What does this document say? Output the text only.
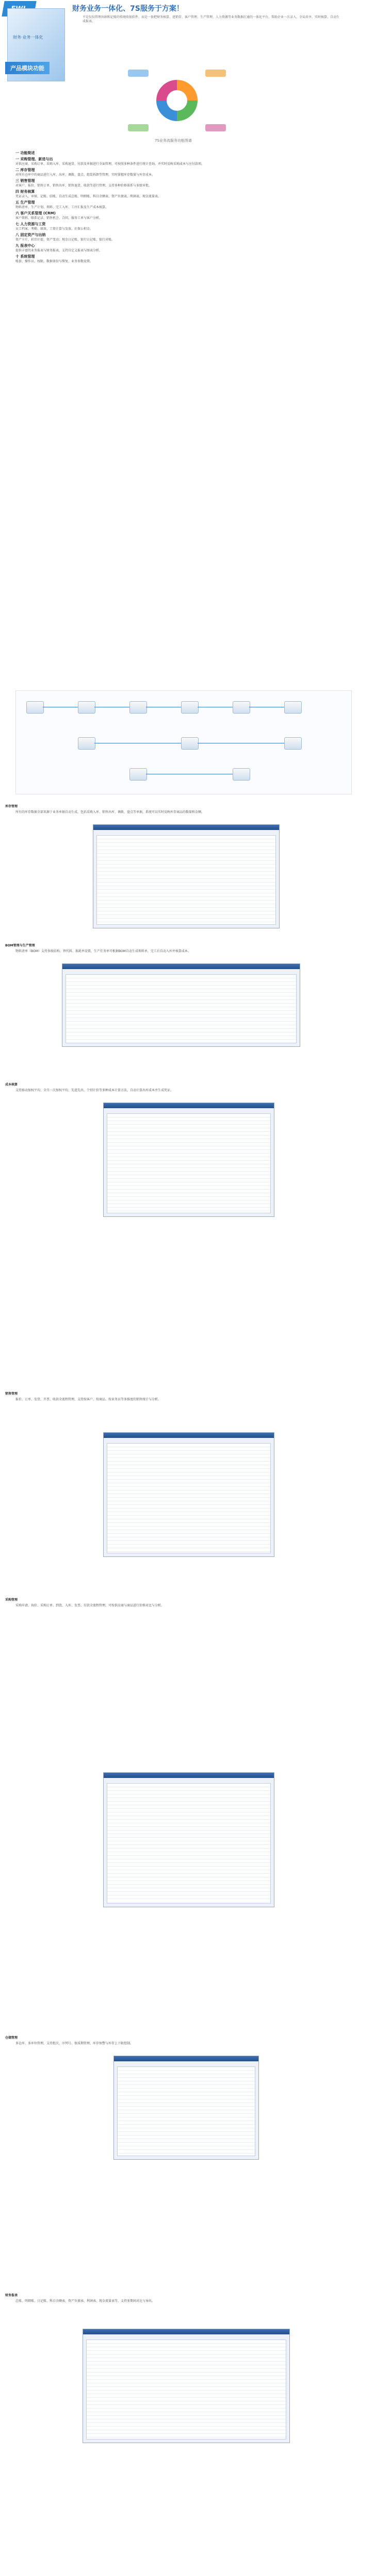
财务·业务一体化
财务业务一体化、7S服务于方案！
不是仅仅管理出纳和记账的传统收银软件，而是一套把财务核算、进销存、客户管理、生产管理、人力资源等业务数据打通的一体化平台，帮助企业一次录入、全局共享、实时核算、自动生成报表。
产品模块功能
7S业务流服务功能图谱
一 功能简述
一 采购管理、新进与出

对供应商、采购订单、采购入库、采购退货、付款及单据进行全面管理，可按照多种条件进行统计查询，并实时反映采购成本与应付款项。

二 库存管理

对所有仓库中的商品进行入库、出库、调拨、盘点、组装拆卸等管理，实时掌握库存数量与库存成本。

三 销售管理

对客户、报价、销售订单、销售出库、销售退货、收款等进行管理，支持多种价格体系与多级审批。

四 财务核算

凭证录入、审核、记账、结账，自动生成总账、明细账、科目余额表、资产负债表、利润表、现金流量表。

五 生产管理

物料清单、生产计划、领料、完工入库、工序汇报及生产成本核算。

六 客户关系管理 (CRM)

客户资料、联系记录、销售机会、合同、服务工单与客户分析。

七 人力资源与工资

员工档案、考勤、绩效、工资计算与发放、社保公积金。

八 固定资产与出纳

资产卡片、折旧计提、资产变动；现金日记账、银行日记账、银行对账。

九 报表中心

提供丰富的业务报表与财务报表，支持自定义报表与图表分析。

十 系统管理

账套、操作员、权限、数据备份与恢复、业务参数设置。

库存管理
所有的库存数据全部来源于业务单据自动生成，包括采购入库、销售出库、调拨、盘点等单据，系统可以实时反映库存商品的数量和金额。
BOM管理与生产管理
物料清单（BOM）支持多级结构、替代料、损耗率设置，生产任务单可根据BOM自动生成领料单，完工后自动入库并核算成本。
成本核算
支持移动加权平均、全月一次加权平均、先进先出、个别计价等多种成本计算方法，自动计算出库成本并生成凭证。
销售管理
报价、订单、发货、开票、收款全流程管理，支持按客户、按商品、按业务员等多维度的销售统计与分析。
采购管理
采购申请、询价、采购订单、到货、入库、发票、付款全流程管理，可按供应商与商品进行价格对比与分析。
仓储管理
多仓库、多库位管理，支持批次、序列号、保质期管理，库存预警与库存上下限控制。
财务报表
总账、明细账、日记账、科目余额表、资产负债表、利润表、现金流量表等，支持多期间对比与导出。
